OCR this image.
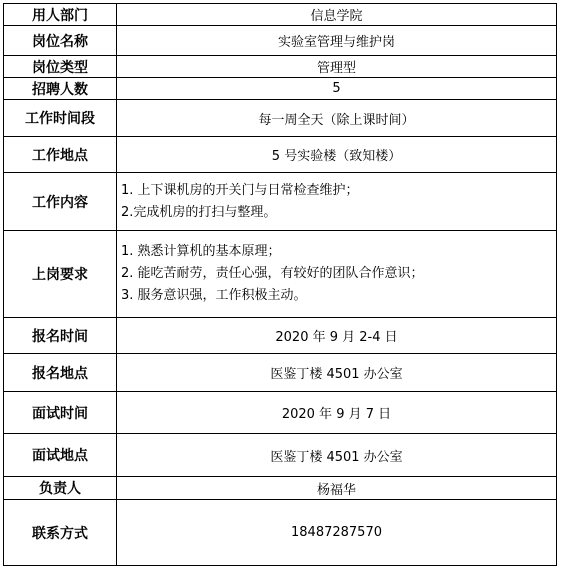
用人部门	信息学院
岗位名称	实验室管理与维护岗
岗位类型	管理型
招聘人数	5
工作时间段	每一周全天（除上课时间）
工作地点	5 号实验楼（致知楼）
工作内容	1. 上下课机房的开关门与日常检查维护；
2.完成机房的打扫与整理。

上岗要求	1. 熟悉计算机的基本原理；
2. 能吃苦耐劳，责任心强，有较好的团队合作意识；
3. 服务意识强，工作积极主动。

报名时间	2020 年 9 月 2-4 日
报名地点	医鉴丁楼 4501 办公室
面试时间	2020 年 9 月 7 日
面试地点	医鉴丁楼 4501 办公室
负责人	杨福华
联系方式	18487287570
